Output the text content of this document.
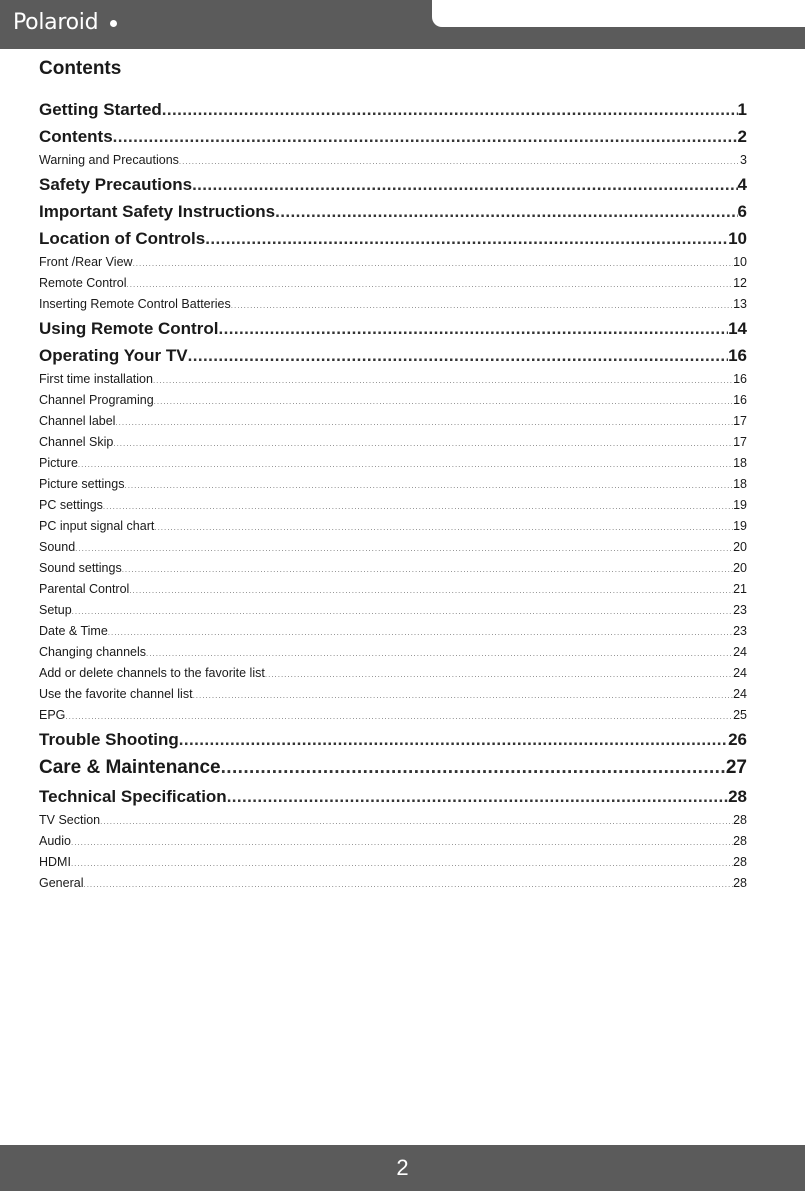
Polaroid
Contents
Getting Started .....	1
Contents .....	2
Warning and Precautions .....	3
Safety Precautions .....	4
Important Safety Instructions .....	6
Location of Controls .....	10
Front /Rear View .....	10
Remote Control .....	12
Inserting Remote Control Batteries .....	13
Using Remote Control .....	14
Operating Your TV .....	16
First time installation .....	16
Channel Programing .....	16
Channel label .....	17
Channel Skip .....	17
Picture .....	18
Picture settings .....	18
PC settings .....	19
PC input signal chart .....	19
Sound .....	20
Sound settings .....	20
Parental Control .....	21
Setup .....	23
Date & Time .....	23
Changing channels .....	24
Add or delete channels to the favorite list .....	24
Use the favorite channel list .....	24
EPG .....	25
Trouble Shooting .....	26
Care & Maintenance .....	27
Technical Specification .....	28
TV Section .....	28
Audio .....	28
HDMI .....	28
General .....	28
2
